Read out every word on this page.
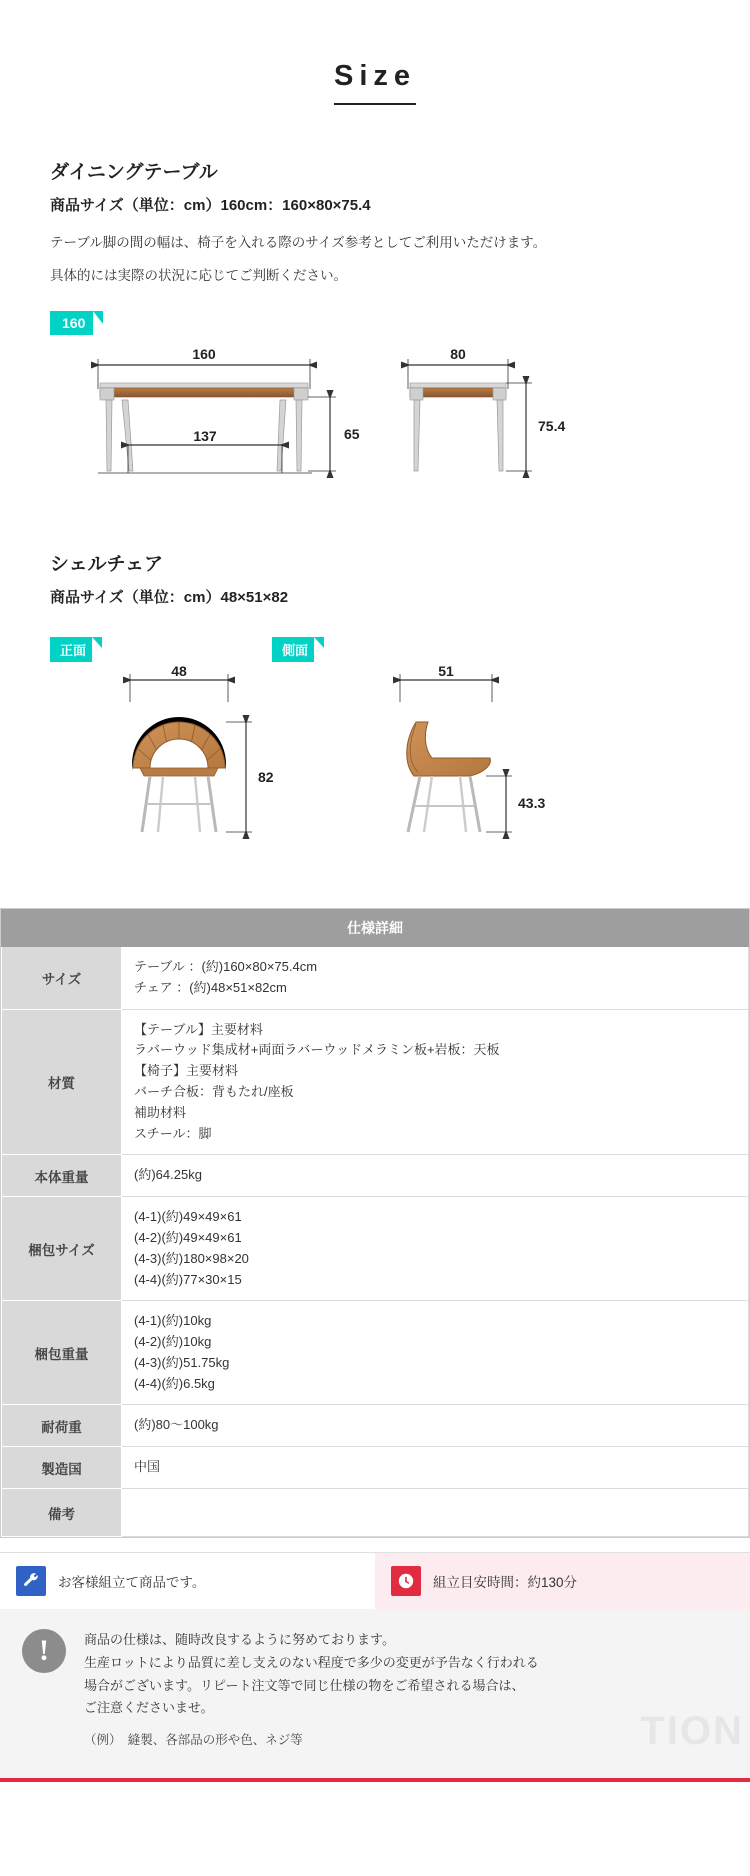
Size
ダイニングテーブル
商品サイズ（単位：cm）160cm：160×80×75.4
テーブル脚の間の幅は、椅子を入れる際のサイズ参考としてご利用いただけます。
具体的には実際の状況に応じてご判断ください。
160
160
137	65
80
75.4
シェルチェア
商品サイズ（単位：cm）48×51×82
正面	側面
48
82
51
43.3
仕様詳細	
サイズ	テーブル ：(約)160×80×75.4cm
チェア ：(約)48×51×82cm

材質	
【テーブル】主要材料
ラバーウッド集成材+両面ラバーウッドメラミン板+岩板：天板
【椅子】主要材料
バーチ合板：背もたれ/座板
補助材料
スチール：脚

本体重量	(約)64.25kg

梱包サイズ	(4-1)(約)49×49×61
(4-2)(約)49×49×61
(4-3)(約)180×98×20
(4-4)(約)77×30×15

梱包重量	(4-1)(約)10kg
(4-2)(約)10kg
(4-3)(約)51.75kg
(4-4)(約)6.5kg

耐荷重	(約)80〜100kg

製造国	中国

備考	
お客様組立て商品です。	組立目安時間：約130分
TION
!	商品の仕様は、随時改良するように努めております。
生産ロットにより品質に差し支えのない程度で多少の変更が予告なく行われる
場合がございます。リピート注文等で同じ仕様の物をご希望される場合は、
ご注意くださいませ。
（例）　縫製、各部品の形や色、ネジ等
